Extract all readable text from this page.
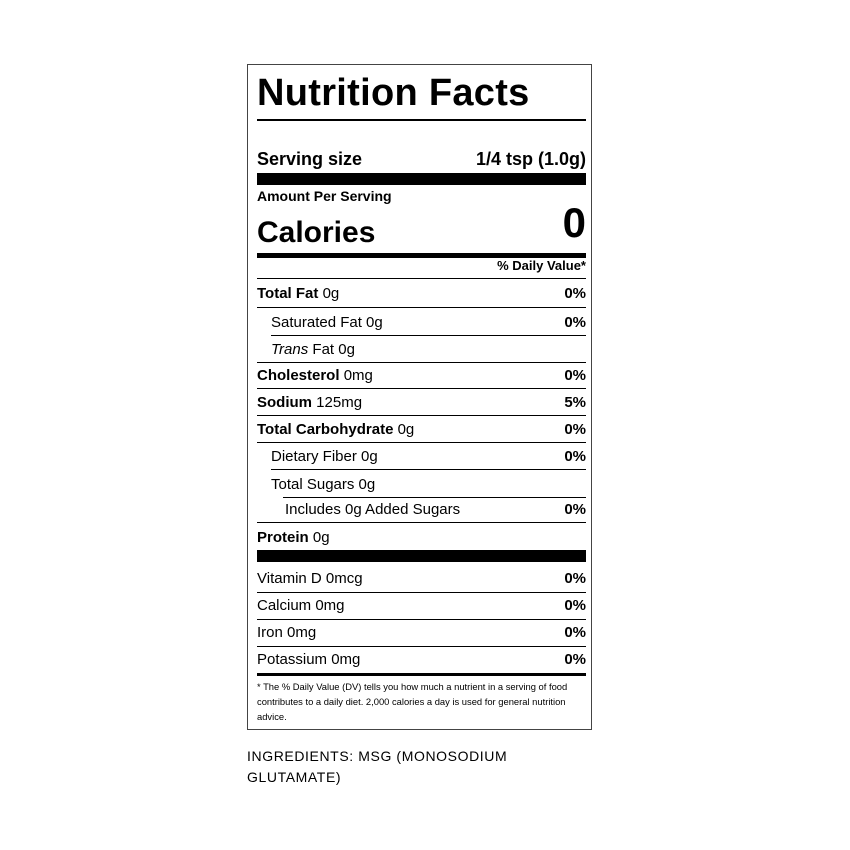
Nutrition Facts
Serving size	1/4 tsp (1.0g)
Amount Per Serving
Calories	0
% Daily Value*
Total Fat 0g	0%
Saturated Fat 0g	0%
Trans Fat 0g
Cholesterol 0mg	0%
Sodium 125mg	5%
Total Carbohydrate 0g	0%
Dietary Fiber 0g	0%
Total Sugars 0g
Includes 0g Added Sugars	0%
Protein 0g
Vitamin D 0mcg	0%
Calcium 0mg	0%
Iron 0mg	0%
Potassium 0mg	0%
* The % Daily Value (DV) tells you how much a nutrient in a serving of food contributes to a daily diet. 2,000 calories a day is used for general nutrition advice.
INGREDIENTS: MSG (MONOSODIUM GLUTAMATE)
